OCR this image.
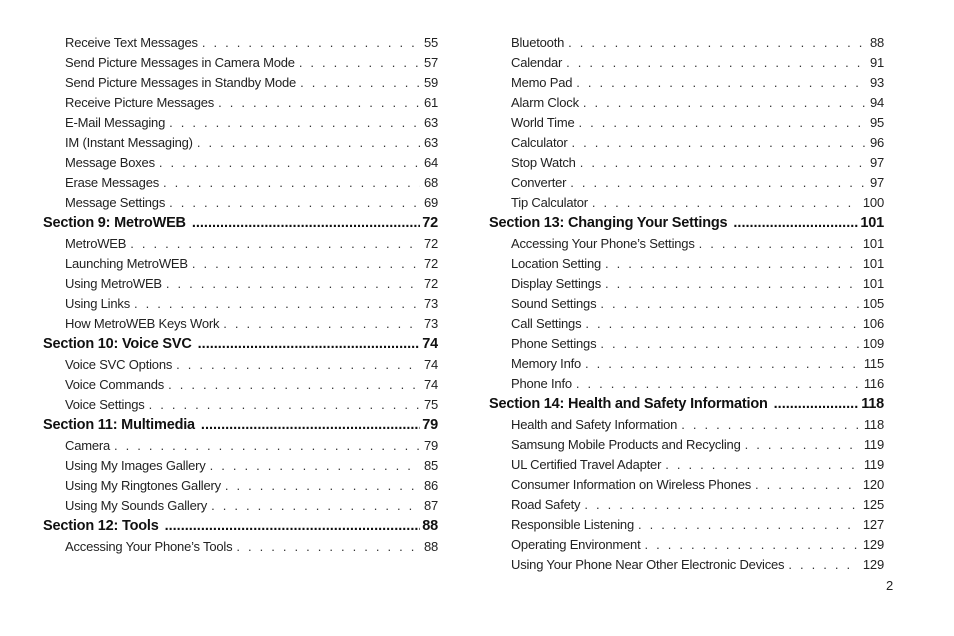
Receive Text Messages . . .	55
Send Picture Messages in Camera Mode . . .	57
Send Picture Messages in Standby Mode . . .	59
Receive Picture Messages . . .	61
E-Mail Messaging . . .	63
IM (Instant Messaging) . . .	63
Message Boxes . . .	64
Erase Messages . . .	68
Message Settings . . .	69
Section 9: MetroWEB .....	72
MetroWEB . . .	72
Launching MetroWEB . . .	72
Using MetroWEB . . .	72
Using Links . . .	73
How MetroWEB Keys Work . . .	73
Section 10: Voice SVC .....	74
Voice SVC Options . . .	74
Voice Commands . . .	74
Voice Settings . . .	75
Section 11: Multimedia .....	79
Camera . . .	79
Using My Images Gallery . . .	85
Using My Ringtones Gallery . . .	86
Using My Sounds Gallery . . .	87
Section 12: Tools .....	88
Accessing Your Phone’s Tools . . .	88
Bluetooth . . .	88
Calendar . . .	91
Memo Pad . . .	93
Alarm Clock . . .	94
World Time . . .	95
Calculator . . .	96
Stop Watch . . .	97
Converter . . .	97
Tip Calculator . . .	100
Section 13: Changing Your Settings .....	101
Accessing Your Phone’s Settings . . .	101
Location Setting . . .	101
Display Settings . . .	101
Sound Settings . . .	105
Call Settings . . .	106
Phone Settings . . .	109
Memory Info . . .	115
Phone Info . . .	116
Section 14: Health and Safety Information .....	118
Health and Safety Information . . .	118
Samsung Mobile Products and Recycling . . .	119
UL Certified Travel Adapter . . .	119
Consumer Information on Wireless Phones . . .	120
Road Safety . . .	125
Responsible Listening . . .	127
Operating Environment . . .	129
Using Your Phone Near Other Electronic Devices . . .	129
2
